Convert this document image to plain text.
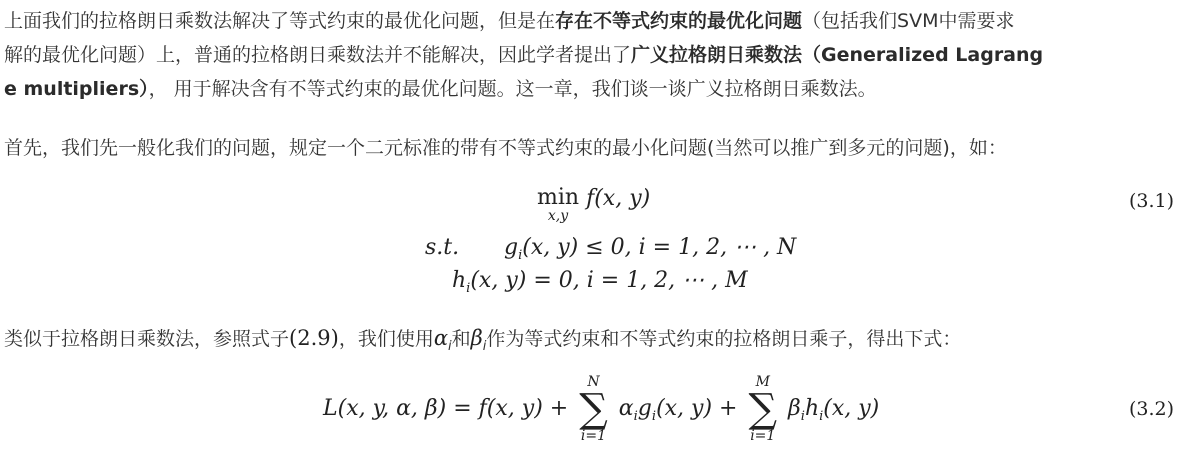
上面我们的拉格朗日乘数法解决了等式约束的最优化问题，但是在存在不等式约束的最优化问题（包括我们SVM中需要求
解的最优化问题）上，普通的拉格朗日乘数法并不能解决，因此学者提出了广义拉格朗日乘数法（Generalized Lagrang
e multipliers）， 用于解决含有不等式约束的最优化问题。这一章，我们谈一谈广义拉格朗日乘数法。
首先，我们先一般化我们的问题，规定一个二元标准的带有不等式约束的最小化问题(当然可以推广到多元的问题)，如：
min
x,y
f(x, y)
s.t. $g_i(x$, y) ≤ 0, i = 1, 2, ⋯ , N
$h_i(x$, y) = 0, i = 1, 2, ⋯ , M
(3.1)
类似于拉格朗日乘数法，参照式子(2.9)，我们使用$\alpha_i$和$\beta_i$作为等式约束和不等式约束的拉格朗日乘子，得出下式：
L(x, y, α, β) = f(x, y) +
N
∑
i=1
$\alpha_ig_i(x$, y) +
M
∑
i=1
$\beta_ih_i(x$, y)	(3.2)
